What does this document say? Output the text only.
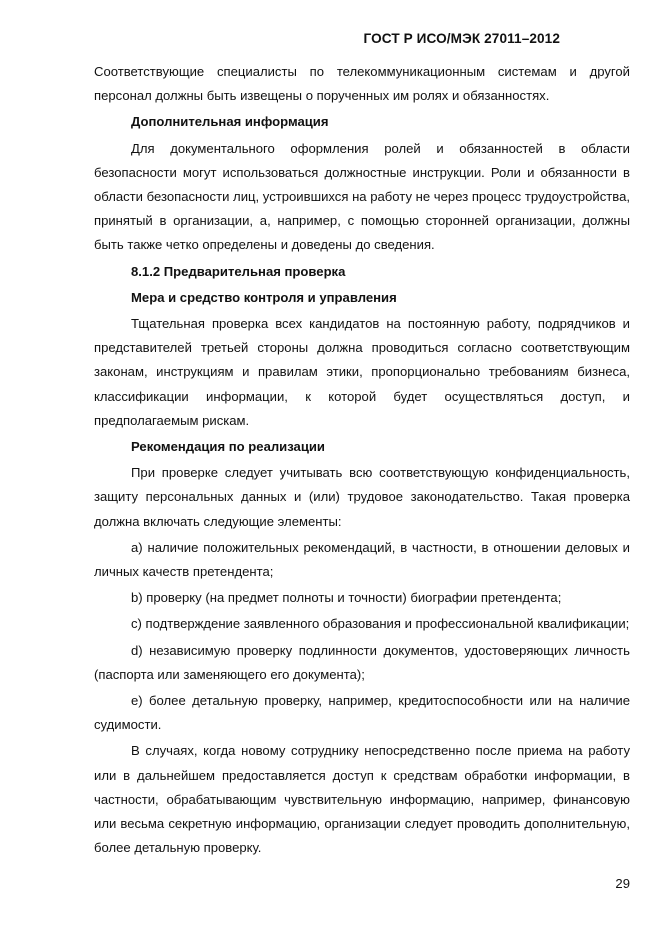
ГОСТ Р ИСО/МЭК 27011–2012

Соответствующие специалисты по телекоммуникационным системам и другой персонал должны быть извещены о порученных им ролях и обязанностях.

Дополнительная информация

Для документального оформления ролей и обязанностей в области безопасности могут использоваться должностные инструкции. Роли и обязанности в области безопасности лиц, устроившихся на работу не через процесс трудоустройства, принятый в организации, а, например, с помощью сторонней организации, должны быть также четко определены и доведены до сведения.

8.1.2 Предварительная проверка

Мера и средство контроля и управления

Тщательная проверка всех кандидатов на постоянную работу, подрядчиков и представителей третьей стороны должна проводиться согласно соответствующим законам, инструкциям и правилам этики, пропорционально требованиям бизнеса, классификации информации, к которой будет осуществляться доступ, и предполагаемым рискам.

Рекомендация по реализации

При проверке следует учитывать всю соответствующую конфиденциальность, защиту персональных данных и (или) трудовое законодательство. Такая проверка должна включать следующие элементы:

a) наличие положительных рекомендаций, в частности, в отношении деловых и личных качеств претендента;

b) проверку (на предмет полноты и точности) биографии претендента;

c) подтверждение заявленного образования и профессиональной квалификации;

d) независимую проверку подлинности документов, удостоверяющих личность (паспорта или заменяющего его документа);

e) более детальную проверку, например, кредитоспособности или на наличие судимости.

В случаях, когда новому сотруднику непосредственно после приема на работу или в дальнейшем предоставляется доступ к средствам обработки информации, в частности, обрабатывающим чувствительную информацию, например, финансовую или весьма секретную информацию, организации следует проводить дополнительную, более детальную проверку.

29
